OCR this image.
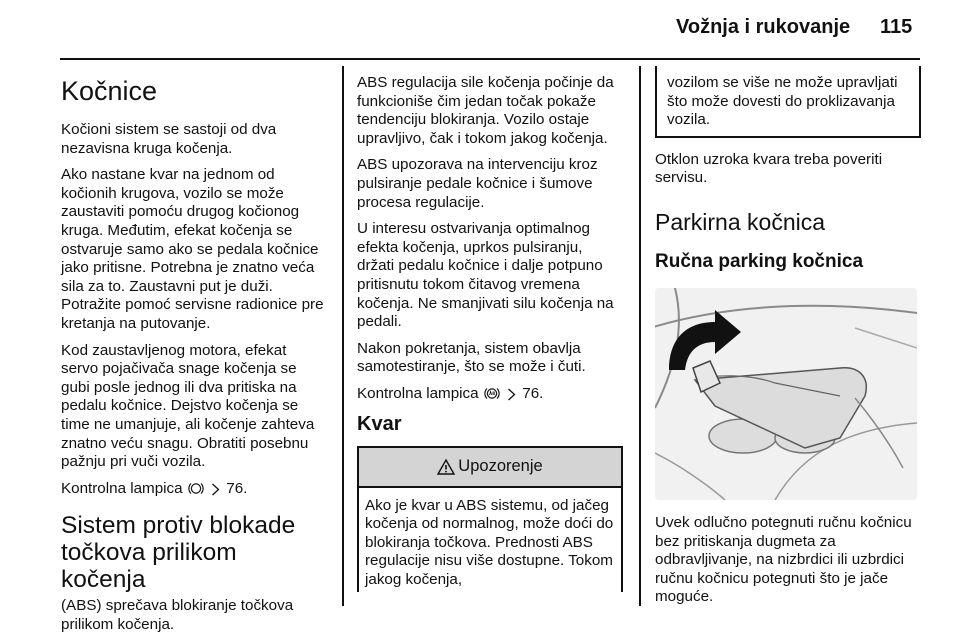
Vožnja i rukovanje 115
Kočnice

Kočioni sistem se sastoji od dva nezavisna kruga kočenja.

Ako nastane kvar na jednom od kočionih krugova, vozilo se može zaustaviti pomoću drugog kočionog kruga. Međutim, efekat kočenja se ostvaruje samo ako se pedala kočnice jako pritisne. Potrebna je znatno veća sila za to. Zaustavni put je duži. Potražite pomoć servisne radionice pre kretanja na putovanje.

Kod zaustavljenog motora, efekat servo pojačivača snage kočenja se gubi posle jednog ili dva pritiska na pedalu kočnice. Dejstvo kočenja se time ne umanjuje, ali kočenje zahteva znatno veću snagu. Obratiti posebnu pažnju pri vuči vozila.

Kontrolna lampica	76.

Sistem protiv blokade točkova prilikom kočenja

(ABS) sprečava blokiranje točkova prilikom kočenja.

ABS regulacija sile kočenja počinje da funkcioniše čim jedan točak pokaže tendenciju blokiranja. Vozilo ostaje upravljivo, čak i tokom jakog kočenja.

ABS upozorava na intervenciju kroz pulsiranje pedale kočnice i šumove procesa regulacije.

U interesu ostvarivanja optimalnog efekta kočenja, uprkos pulsiranju, držati pedalu kočnice i dalje potpuno pritisnutu tokom čitavog vremena kočenja. Ne smanjivati silu kočenja na pedali.

Nakon pokretanja, sistem obavlja samotestiranje, što se može i čuti.

Kontrolna lampica	76.

Kvar
Upozorenje
Ako je kvar u ABS sistemu, od jačeg kočenja od normalnog, može doći do blokiranja točkova. Prednosti ABS regulacije nisu više dostupne. Tokom jakog kočenja,
vozilom se više ne može upravljati što može dovesti do proklizavanja vozila.

Otklon uzroka kvara treba poveriti servisu.

Parkirna kočnica
Ručna parking kočnica

Uvek odlučno potegnuti ručnu kočnicu bez pritiskanja dugmeta za odbravljivanje, na nizbrdici ili uzbrdici ručnu kočnicu potegnuti što je jače moguće.
